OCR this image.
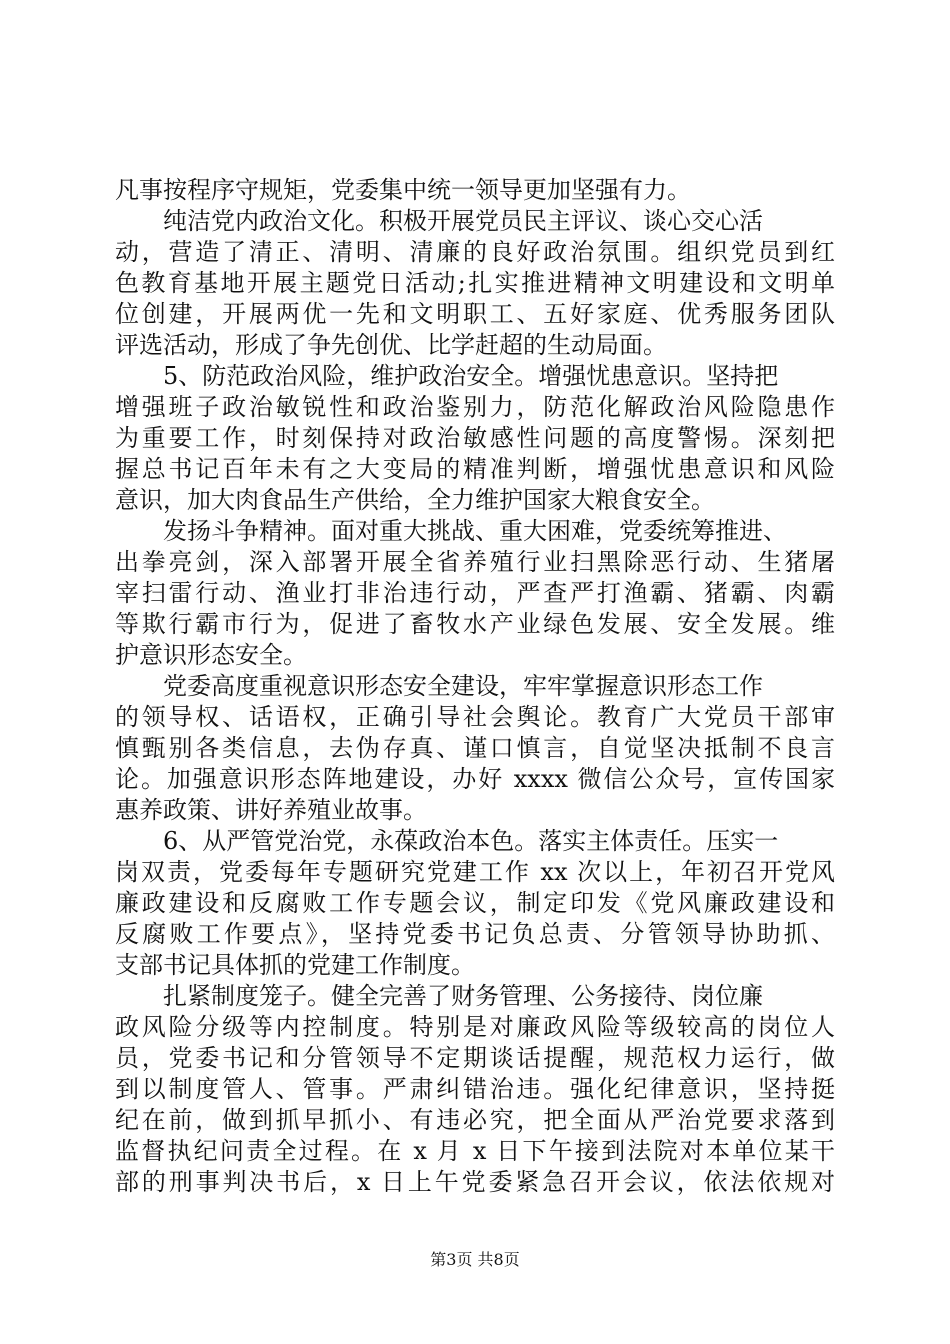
凡事按程序守规矩，党委集中统一领导更加坚强有力。
　　纯洁党内政治文化。积极开展党员民主评议、谈心交心活
动，营造了清正、清明、清廉的良好政治氛围。组织党员到红
色教育基地开展主题党日活动;扎实推进精神文明建设和文明单
位创建，开展两优一先和文明职工、五好家庭、优秀服务团队
评选活动，形成了争先创优、比学赶超的生动局面。
　　5、防范政治风险，维护政治安全。增强忧患意识。坚持把
增强班子政治敏锐性和政治鉴别力，防范化解政治风险隐患作
为重要工作，时刻保持对政治敏感性问题的高度警惕。深刻把
握总书记百年未有之大变局的精准判断，增强忧患意识和风险
意识，加大肉食品生产供给，全力维护国家大粮食安全。
　　发扬斗争精神。面对重大挑战、重大困难，党委统筹推进、
出拳亮剑，深入部署开展全省养殖行业扫黑除恶行动、生猪屠
宰扫雷行动、渔业打非治违行动，严查严打渔霸、猪霸、肉霸
等欺行霸市行为，促进了畜牧水产业绿色发展、安全发展。维
护意识形态安全。
　　党委高度重视意识形态安全建设，牢牢掌握意识形态工作
的领导权、话语权，正确引导社会舆论。教育广大党员干部审
慎甄别各类信息，去伪存真、谨口慎言，自觉坚决抵制不良言
论。加强意识形态阵地建设，办好 xxxx 微信公众号，宣传国家
惠养政策、讲好养殖业故事。
　　6、从严管党治党，永葆政治本色。落实主体责任。压实一
岗双责，党委每年专题研究党建工作 xx 次以上，年初召开党风
廉政建设和反腐败工作专题会议，制定印发《党风廉政建设和
反腐败工作要点》，坚持党委书记负总责、分管领导协助抓、
支部书记具体抓的党建工作制度。
　　扎紧制度笼子。健全完善了财务管理、公务接待、岗位廉
政风险分级等内控制度。特别是对廉政风险等级较高的岗位人
员，党委书记和分管领导不定期谈话提醒，规范权力运行，做
到以制度管人、管事。严肃纠错治违。强化纪律意识，坚持挺
纪在前，做到抓早抓小、有违必究，把全面从严治党要求落到
监督执纪问责全过程。在 x 月 x 日下午接到法院对本单位某干
部的刑事判决书后，x 日上午党委紧急召开会议，依法依规对
第3页 共8页
